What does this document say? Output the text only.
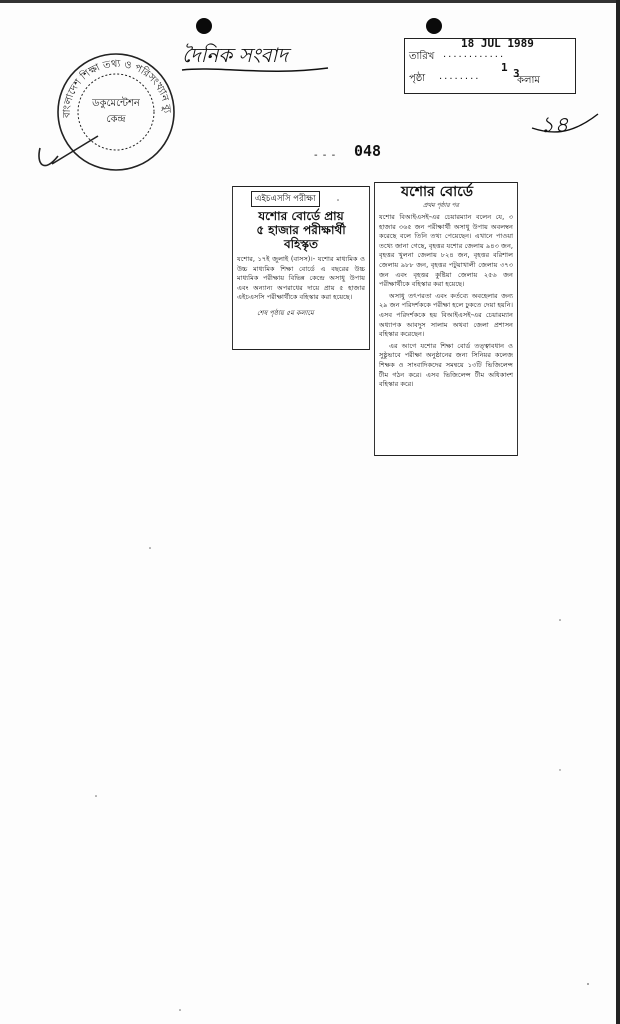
বাংলাদেশ শিক্ষা তথ্য ও পরিসংখ্যান ব্যু
ডকুমেন্টেশন
কেন্দ্র
দৈনিক সংবাদ	তারিখ ............
18 JUL 1989
পৃষ্ঠা ........
1 3
কলাম
১৪
- - - 048
এইচএসসি পরীক্ষা
যশোর বোর্ডে প্রায়
৫ হাজার পরীক্ষার্থী
বহিস্কৃত
যশোর, ১৭ই জুলাই (বাসস)।- যশোর মাধ্যমিক ও উচ্চ মাধ্যমিক শিক্ষা বোর্ডে এ বছরের উচ্চ মাধ্যমিক পরীক্ষায় বিভিন্ন কেন্দ্রে অসাধু উপায় এবং অন্যান্য অপরাধের দায়ে প্রায় ৫ হাজার এইচএসসি পরীক্ষার্থীকে বহিস্কার করা হয়েছে।
শেষ পৃষ্ঠায় ৫ম কলামে
যশোর বোর্ডে
প্রথম পৃষ্ঠার পর
যশোর বিআইএসই-এর চেয়ারম্যান বলেন যে, ৩ হাজার ৩৬৫ জন পরীক্ষার্থী অসাধু উপায় অবলম্বন করেছে বলে তিনি তথ্য পেয়েছেন। এখানে পাওয়া তথ্যে জানা গেছে, বৃহত্তর যশোর জেলায় ৯৪৩ জন, বৃহত্তর খুলনা জেলায় ৮২৪ জন, বৃহত্তর বরিশাল জেলায় ৯৮৮ জন, বৃহত্তর পটুয়াখালী জেলায় ৩৭৩ জন এবং বৃহত্তর কুষ্টিয়া জেলায় ২৫৬ জন পরীক্ষার্থীকে বহিস্কার করা হয়েছে।
অসাধু তৎপরতা এবং কর্তব্যে অবহেলার জন্য ২৯ জন পরিদর্শককে পরীক্ষা হলে ঢুকতে দেয়া হয়নি। এসব পরিদর্শককে হয় বিআইএসই-এর চেয়ারম্যান অধ্যাপক আবদুস সালাম অথবা জেলা প্রশাসন বহিস্কার করেছেন।
এর আগে যশোর শিক্ষা বোর্ড তত্ত্বাবধান ও সুষ্ঠুভাবে পরীক্ষা অনুষ্ঠানের জন্য সিনিয়র কলেজ শিক্ষক ও সাংবাদিকদের সমন্বয়ে ১৩টি ভিজিলেন্স টীম গঠন করে। এসব ভিজিলেন্স টীম অধিকাংশ বহিস্কার করে।
